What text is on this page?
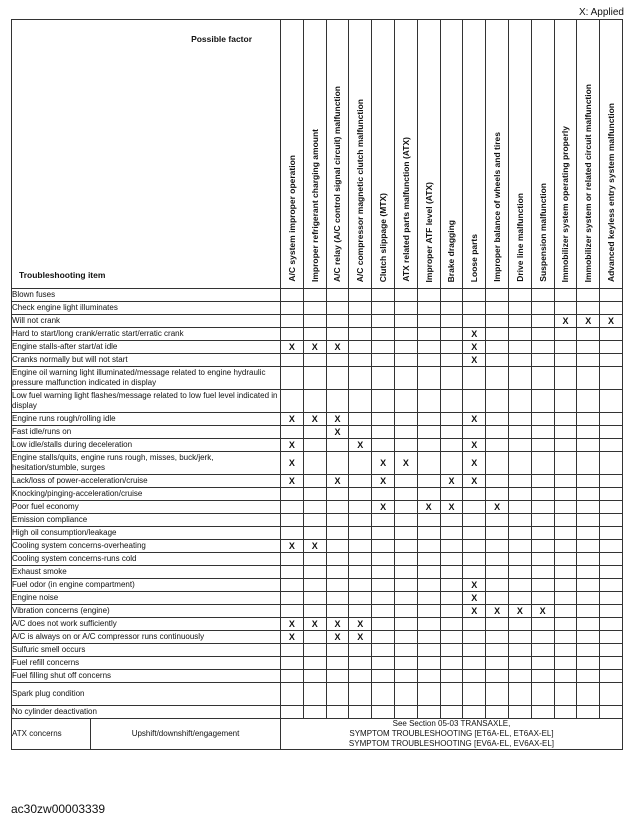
X: Applied
Possible factor
Troubleshooting item		A/C system improper operation	Improper refrigerant charging amount	A/C relay (A/C control signal circuit) malfunction	A/C compressor magnetic clutch malfunction	Clutch slippage (MTX)	ATX related parts malfunction (ATX)	Improper ATF level (ATX)	Brake dragging	Loose parts	Improper balance of wheels and tires	Drive line malfunction	Suspension malfunction	Immobilizer system operating properly	Immobilizer system or related circuit malfunction	Advanced keyless entry system malfunction

Blown fuses																
Check engine light illuminates																
Will not crank														X	X	X
Hard to start/long crank/erratic start/erratic crank										X						
Engine stalls-after start/at idle		X	X	X						X						
Cranks normally but will not start										X						
Engine oil warning light illuminated/message related to engine hydraulic pressure malfunction indicated in display																
Low fuel warning light flashes/message related to low fuel level indicated in display																
Engine runs rough/rolling idle		X	X	X						X						
Fast idle/runs on				X												
Low idle/stalls during deceleration		X			X					X						
Engine stalls/quits, engine runs rough, misses, buck/jerk, hesitation/stumble, surges		X				X	X			X						
Lack/loss of power-acceleration/cruise		X		X		X			X	X						
Knocking/pinging-acceleration/cruise																
Poor fuel economy						X		X	X		X					
Emission compliance																
High oil consumption/leakage																
Cooling system concerns-overheating		X	X													
Cooling system concerns-runs cold																
Exhaust smoke																
Fuel odor (in engine compartment)										X						
Engine noise										X						
Vibration concerns (engine)										X	X	X	X			
A/C does not work sufficiently		X	X	X	X											
A/C is always on or A/C compressor runs continuously		X		X	X											
Sulfuric smell occurs																
Fuel refill concerns																
Fuel filling shut off concerns																
Spark plug condition																
No cylinder deactivation																
ATX concerns	Upshift/downshift/engagement	See Section 05-03 TRANSAXLE,
SYMPTOM TROUBLESHOOTING [ET6A-EL, ET6AX-EL]
SYMPTOM TROUBLESHOOTING [EV6A-EL, EV6AX-EL]														
ac30zw00003339
